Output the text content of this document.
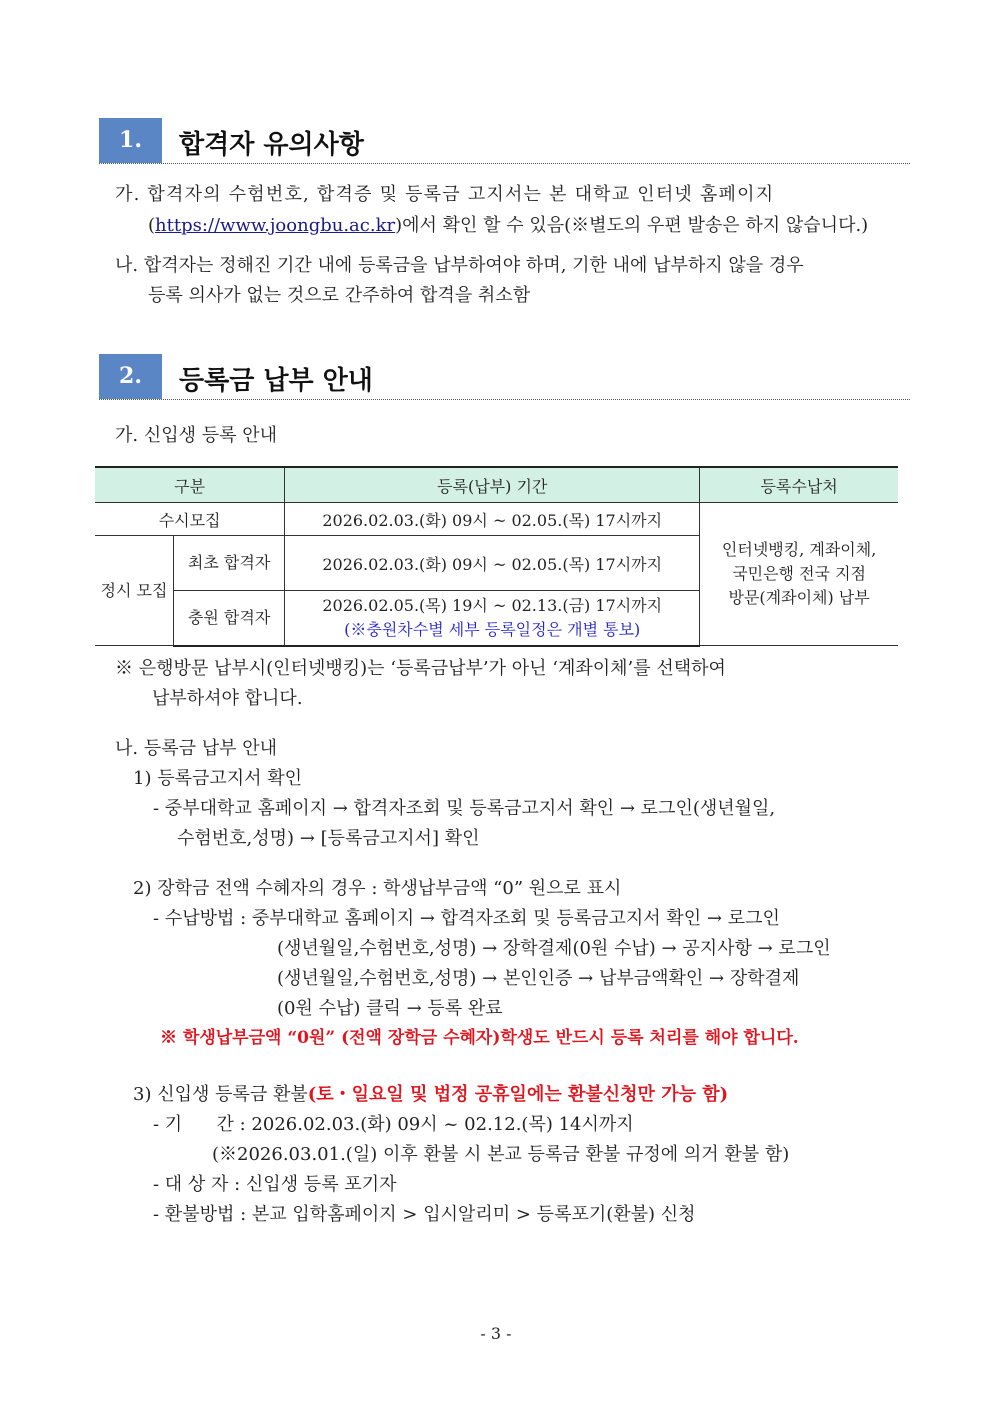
1.	합격자 유의사항
가. 합격자의 수험번호, 합격증 및 등록금 고지서는 본 대학교 인터넷 홈페이지
(https://www.joongbu.ac.kr)에서 확인 할 수 있음(※별도의 우편 발송은 하지 않습니다.)
나. 합격자는 정해진 기간 내에 등록금을 납부하여야 하며, 기한 내에 납부하지 않을 경우
등록 의사가 없는 것으로 간주하여 합격을 취소함
2.	등록금 납부 안내
가. 신입생 등록 안내
구분		등록(납부) 기간	등록수납처
수시모집		2026.02.03.(화) 09시 ~ 02.05.(목) 17시까지	인터넷뱅킹, 계좌이체,
국민은행 전국 지점
방문(계좌이체) 납부

정시 모집	최초 합격자	2026.02.03.(화) 09시 ~ 02.05.(목) 17시까지	
	충원 합격자	2026.02.05.(목) 19시 ~ 02.13.(금) 17시까지
(※충원차수별 세부 등록일정은 개별 통보)	
※ 은행방문 납부시(인터넷뱅킹)는 ‘등록금납부’가 아닌 ‘계좌이체’를 선택하여
납부하셔야 합니다.
나. 등록금 납부 안내
1) 등록금고지서 확인
- 중부대학교 홈페이지 → 합격자조회 및 등록금고지서 확인 → 로그인(생년월일,
수험번호,성명) → [등록금고지서] 확인
2) 장학금 전액 수혜자의 경우 : 학생납부금액 “0” 원으로 표시
- 수납방법 : 중부대학교 홈페이지 → 합격자조회 및 등록금고지서 확인 → 로그인
(생년월일,수험번호,성명) → 장학결제(0원 수납) → 공지사항 → 로그인
(생년월일,수험번호,성명) → 본인인증 → 납부금액확인 → 장학결제
(0원 수납) 클릭 → 등록 완료
※ 학생납부금액 “0원” (전액 장학금 수혜자)학생도 반드시 등록 처리를 해야 합니다.
3) 신입생 등록금 환불(토・일요일 및 법정 공휴일에는 환불신청만 가능 함)
- 기      간 : 2026.02.03.(화) 09시 ~ 02.12.(목) 14시까지
(※2026.03.01.(일) 이후 환불 시 본교 등록금 환불 규정에 의거 환불 함)
- 대 상 자 : 신입생 등록 포기자
- 환불방법 : 본교 입학홈페이지 > 입시알리미 > 등록포기(환불) 신청
- 3 -
